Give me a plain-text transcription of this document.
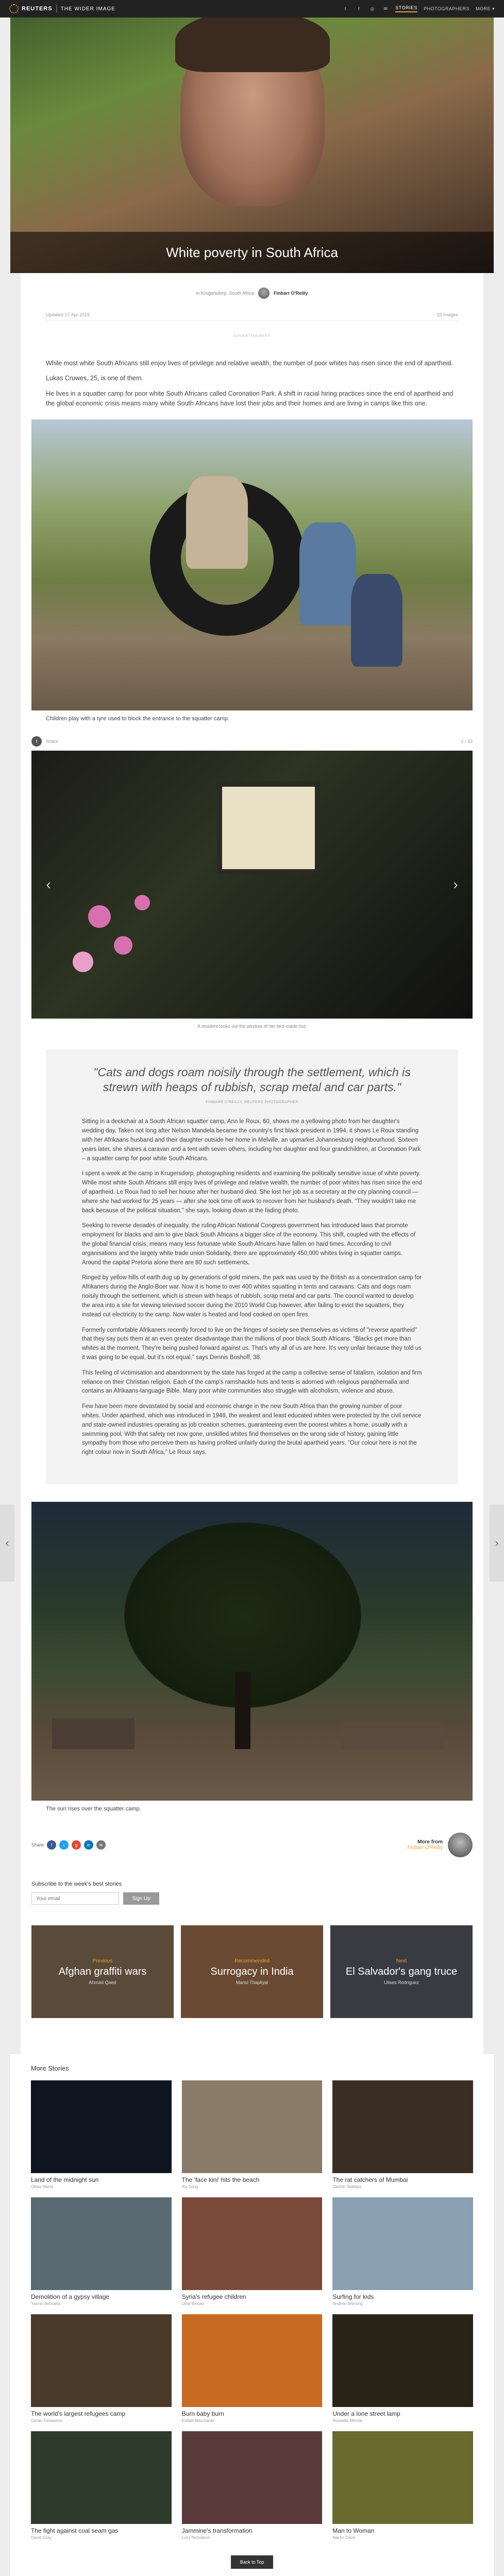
REUTERS | THE WIDER IMAGE	t	f	◎	✉	STORIES PHOTOGRAPHERS MORE ▾
White poverty in South Africa
in Krugersdorp, South Africa	Finbarr O'Reilly
Updated 17 Apr 2015	33 images
ADVERTISEMENT

While most white South Africans still enjoy lives of privilege and relative wealth, the number of poor whites has risen since the end of apartheid.

Lukas Cruwes, 25, is one of them.

He lives in a squatter camp for poor white South Africans called Coronation Park. A shift in racial hiring practices since the end of apartheid and the global economic crisis means many white South Africans have lost their jobs and their homes and are living in camps like this one.

Children play with a tyre used to block the entrance to the squatter camp.
f	Share	1 / 33
‹	›
A resident looks out the window of her tent-made hut.
"Cats and dogs roam noisily through the settlement, which is strewn with heaps of rubbish, scrap metal and car parts."
FINBARR O'REILLY, REUTERS PHOTOGRAPHER

Sitting in a deckchair at a South African squatter camp, Ann le Roux, 60, shows me a yellowing photo from her daughter's wedding day. Taken not long after Nelson Mandela became the country's first black president in 1994, it shows Le Roux standing with her Afrikaans husband and their daughter outside her home in Melville, an upmarket Johannesburg neighbourhood. Sixteen years later, she shares a caravan and a tent with seven others, including her daughter and four grandchildren, at Coronation Park – a squatter camp for poor white South Africans.

I spent a week at the camp in Krugersdorp, photographing residents and examining the politically sensitive issue of white poverty. While most white South Africans still enjoy lives of privilege and relative wealth, the number of poor whites has risen since the end of apartheid. Le Roux had to sell her house after her husband died. She lost her job as a secretary at the city planning council — where she had worked for 25 years — after she took time off work to recover from her husband's death. "They wouldn't take me back because of the political situation," she says, looking down at the fading photo.

Seeking to reverse decades of inequality, the ruling African National Congress government has introduced laws that promote employment for blacks and aim to give black South Africans a bigger slice of the economy. This shift, coupled with the effects of the global financial crisis, means many less fortunate white South Africans have fallen on hard times. According to civil organisations and the largely white trade union Solidarity, there are approximately 450,000 whites living in squatter camps. Around the capital Pretoria alone there are 80 such settlements.

Ringed by yellow hills of earth dug up by generations of gold miners, the park was used by the British as a concentration camp for Afrikaners during the Anglo-Boer war. Now it is home to over 400 whites squatting in tents and caravans. Cats and dogs roam noisily through the settlement, which is strewn with heaps of rubbish, scrap metal and car parts. The council wanted to develop the area into a site for viewing televised soccer during the 2010 World Cup however, after failing to evict the squatters, they instead cut electricity to the camp. Now water is heated and food cooked on open fires.

Formerly comfortable Afrikaners recently forced to live on the fringes of society see themselves as victims of "reverse apartheid" that they say puts them at an even greater disadvantage than the millions of poor black South Africans. "Blacks get more than whites at the moment. They're being pushed forward against us. That's why all of us are here. It's very unfair because they told us it was going to be equal, but it's not equal," says Dennis Boshoff, 38.

This feeling of victimisation and abandonment by the state has forged at the camp a collective sense of fatalism, isolation and firm reliance on their Christian religion. Each of the camp's ramshackle huts and tents is adorned with religious paraphernalia and contains an Afrikaans-language Bible. Many poor white communities also struggle with alcoholism, violence and abuse.

Few have been more devastated by social and economic change in the new South Africa than the growing number of poor whites. Under apartheid, which was introduced in 1948, the weakest and least educated whites were protected by the civil service and state-owned industries operating as job creation schemes, guaranteeing even the poorest whites a home, usually with a swimming pool. With that safety net now gone, unskilled whites find themselves on the wrong side of history, gaining little sympathy from those who perceive them as having profited unfairly during the brutal apartheid years. "Our colour here is not the right colour now in South Africa," Le Roux says.

The sun rises over the squatter camp.
Share	f	t	g	in	✉	More from
Finbarr O'Reilly
Subscribe to the week's best stories
Your email
Sign Up
Previous
Afghan graffiti wars
Ahmad Qaed
Recommended
Surrogacy in India
Mansi Thapliyal
Next
El Salvador's gang truce
Ulises Rodriguez
More Stories
Land of the midnight sun
Olivia Harris
The 'face kini' hits the beach
Aly Song
The rat catchers of Mumbai
Danish Siddiqui
Demolition of a gypsy village
Yannis Behrakis
Syria's refugee children
Umit Bektas
Surfing for kids
Andrew Winning
The world's largest refugees camp
Goran Tomasevic
Burn baby burn
Rafael Marchante
Under a lone street lamp
Rossella Merola
The fight against coal seam gas
David Gray
Jammine's transformation
Lucy Nicholson
Man to Woman
Nacho Doce
Back to Top
‹	›
